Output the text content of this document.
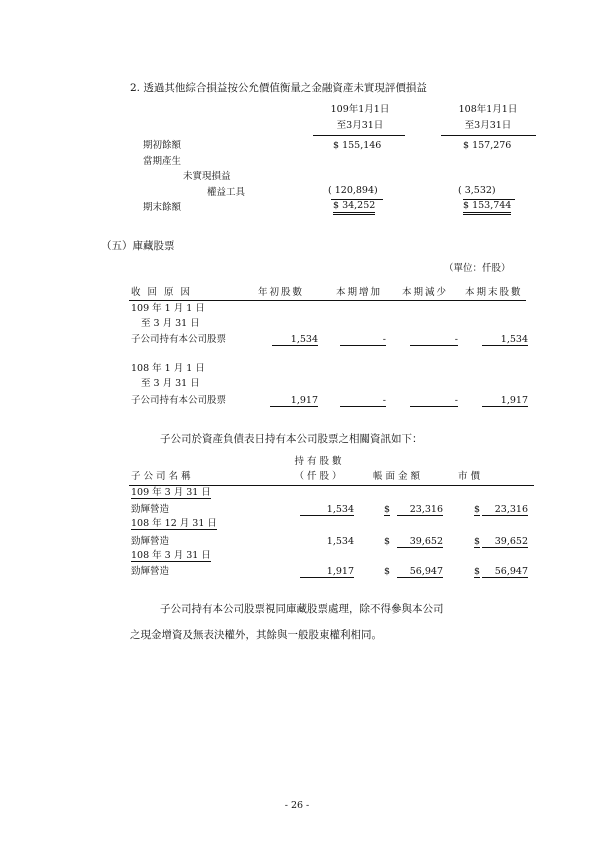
2. 透過其他綜合損益按公允價值衡量之金融資產未實現評價損益
109年1月1日
至3月31日
108年1月1日
至3月31日
期初餘額	$ 155,146	$ 157,276
當期產生
未實現損益
權益工具	( 120,894)	( 3,532)
期末餘額	$ 34,252	$ 153,744
（五）庫藏股票
（單位：仟股）
收 回 原 因	年初股數	本期增加 本期減少 本期末股數
109 年 1 月 1 日
至 3 月 31 日
子公司持有本公司股票	1,534	-	-	1,534
108 年 1 月 1 日
至 3 月 31 日
子公司持有本公司股票	1,917	-	-	1,917
子公司於資產負債表日持有本公司股票之相關資訊如下：
持 有 股 數
子 公 司 名 稱	（ 仟 股 ）	帳 面 金 額	市 價
109 年 3 月 31 日
勁輝營造	1,534	$	23,316	$	23,316
108 年 12 月 31 日
勁輝營造	1,534	$	39,652	$	39,652
108 年 3 月 31 日
勁輝營造	1,917	$	56,947	$	56,947
子公司持有本公司股票視同庫藏股票處理，除不得參與本公司
之現金增資及無表決權外，其餘與一般股東權利相同。
- 26 -
